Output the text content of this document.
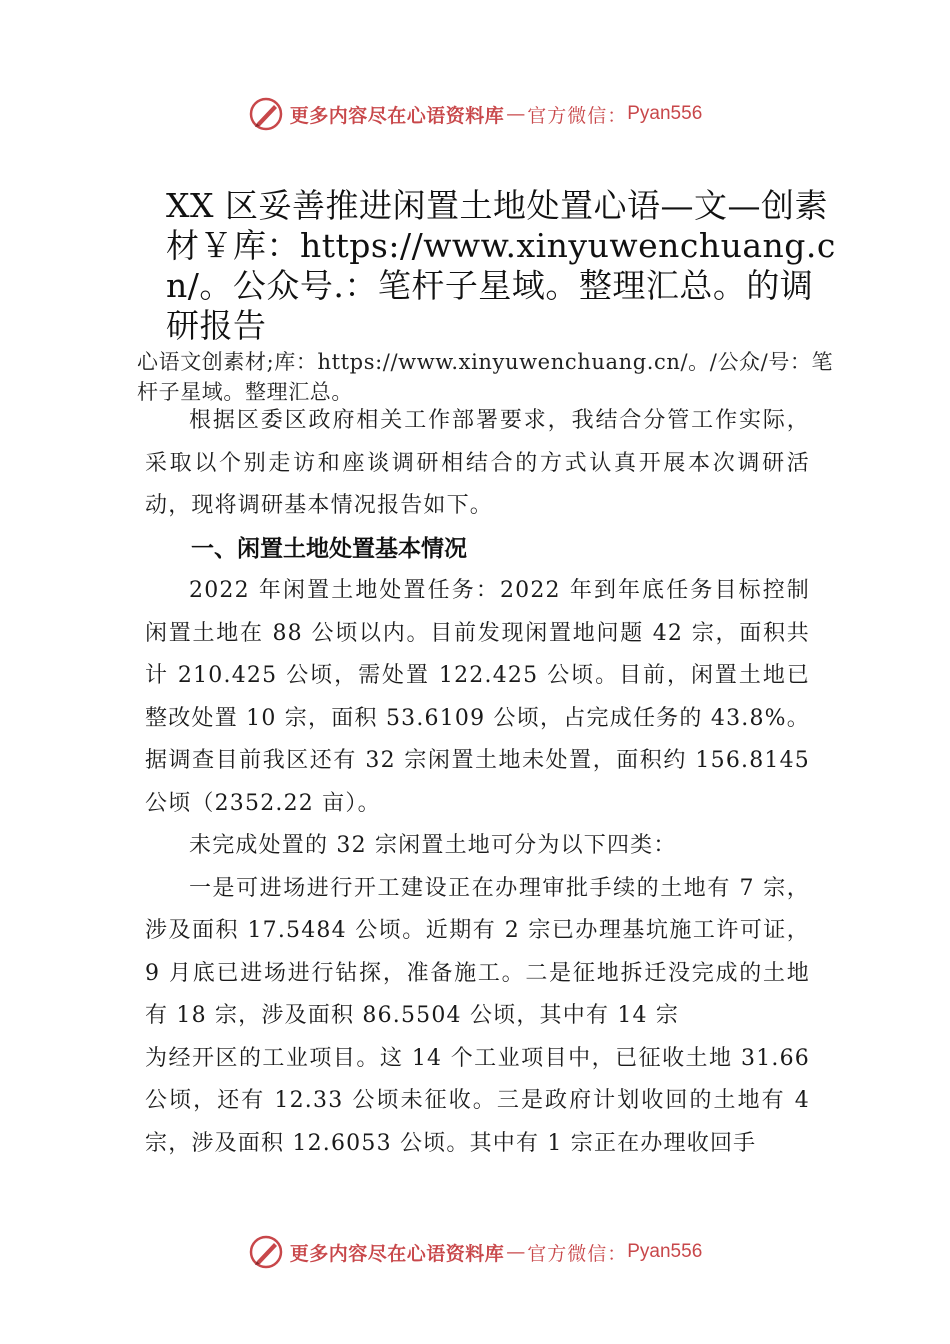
更多内容尽在心语资料库 — 官方微信： Pyan556
XX 区妥善推进闲置土地处置心语—文—创素材￥库：https://www.xinyuwenchuang.cn/。公众号.：笔杆子星域。整理汇总。的调研报告

心语文创素材;库：https://www.xinyuwenchuang.cn/。/公众/号：笔杆子星域。整理汇总。

根据区委区政府相关工作部署要求，我结合分管工作实际，采取以个别走访和座谈调研相结合的方式认真开展本次调研活动，现将调研基本情况报告如下。

一、闲置土地处置基本情况

2022 年闲置土地处置任务：2022 年到年底任务目标控制闲置土地在 88 公顷以内。目前发现闲置地问题 42 宗，面积共计 210.425 公顷，需处置 122.425 公顷。目前，闲置土地已整改处置 10 宗，面积 53.6109 公顷，占完成任务的 43.8%。据调查目前我区还有 32 宗闲置土地未处置，面积约 156.8145 公顷（2352.22 亩）。

未完成处置的 32 宗闲置土地可分为以下四类：

一是可进场进行开工建设正在办理审批手续的土地有 7 宗，涉及面积 17.5484 公顷。近期有 2 宗已办理基坑施工许可证，9 月底已进场进行钻探，准备施工。二是征地拆迁没完成的土地有 18 宗，涉及面积 86.5504 公顷，其中有 14 宗

为经开区的工业项目。这 14 个工业项目中，已征收土地 31.66 公顷，还有 12.33 公顷未征收。三是政府计划收回的土地有 4 宗，涉及面积 12.6053 公顷。其中有 1 宗正在办理收回手

更多内容尽在心语资料库 — 官方微信： Pyan556
